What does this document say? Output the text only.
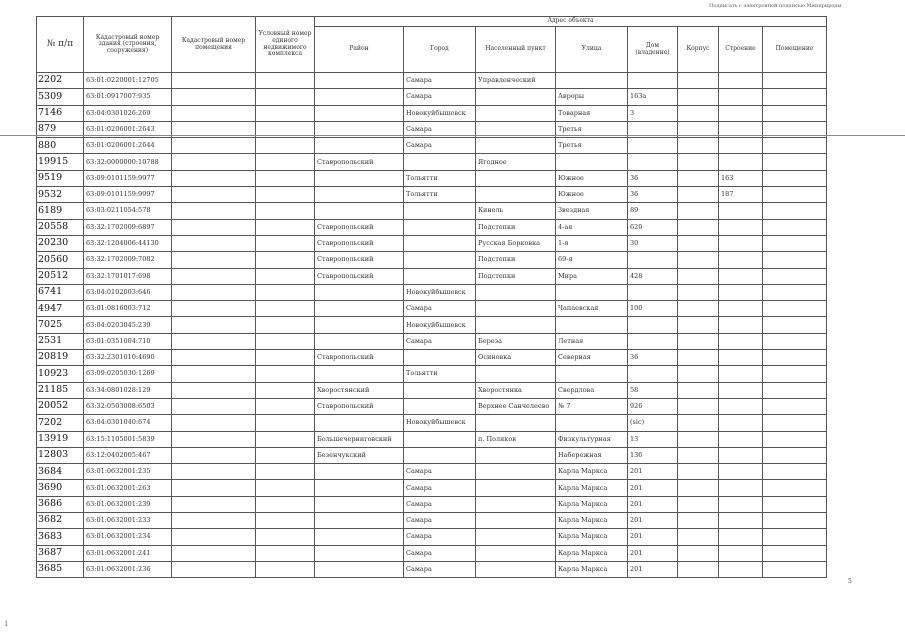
Подписать с электронной подписью Минприроды
№ п/п	Кадастровый номер здания (строения, сооружения)	Кадастровый номер помещения	Условный номер единого недвижимого комплекса	Адрес объекта							
				Район	Город	Населенный пункт	Улица	Дом (владение)	Корпус	Строение	Помещение
2202	63:01:0220001:12705				Самара	Управленческий					
5309	63:01:0917007:935				Самара		Авроры	163а			
7146	63:04:0301026:269				Новокуйбышевск		Товарная	3			
879	63:01:0206001:2643				Самара		Третья				
880	63:01:0206001:2644				Самара		Третья				
19915	63:32:0000000:10788			Ставропольский		Ягодное					
9519	63:09:0101159:9977				Тольятти		Южное	36		163	
9532	63:09:0101159:9997				Тольятти		Южное	36		187	
6189	63:03:0211054:578					Кинель	Звездная	89			
20558	63:32:1702009:6897			Ставропольский		Подстепки	4-ая	620			
20230	63:32:1204006:44130			Ставропольский		Русская Борковка	1-я	30			
20560	63:32:1702009:7082			Ставропольский		Подстепки	69-я				
20512	63:32:1701017:698			Ставропольский		Подстепки	Мира	428			
6741	63:04:0102003:646				Новокуйбышевск						
4947	63:01:0816003:712				Самара		Чапаевская	100			
7025	63:04:0203045:239				Новокуйбышевск						
2531	63:01:0351004:710				Самара	Береза	Летная				
20819	63:32:2301010:4690			Ставропольский		Осиновка	Северная	36			
10923	63:09:0205030:1269				Тольятти						
21185	63:34:0801028:129			Хворостянский		Хворостянка	Свердлова	58			
20052	63:32:0503008:6503			Ставропольский		Верхнее Санчелеево	№ 7	926			
7202	63:04:0301040:674				Новокуйбышевск			(sic)			
13919	63:15:1105001:5839			Большечерниговский		п. Поляков	Физкультурная	13			
12803	63:12:0402005:467			Безенчукский			Набережная	136			
3684	63:01:0632001:235				Самара		Карла Маркса	201			
3690	63:01:0632001:263				Самара		Карла Маркса	201			
3686	63:01:0632001:239				Самара		Карла Маркса	201			
3682	63:01:0632001:233				Самара		Карла Маркса	201			
3683	63:01:0632001:234				Самара		Карла Маркса	201			
3687	63:01:0632001:241				Самара		Карла Маркса	201			
3685	63:01:0632001:236				Самара		Карла Маркса	201			
5
1
